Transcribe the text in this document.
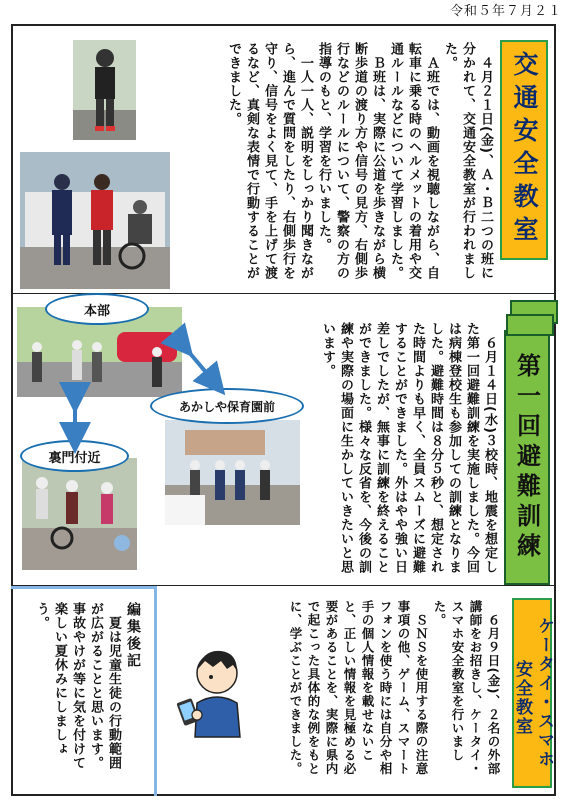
令和５年７月２１
交通安全教室
　４月２１日(金)、Ａ・Ｂ二つの班に分かれて、交通安全教室が行われました。
　Ａ班では、動画を視聴しながら、自転車に乗る時のヘルメットの着用や交通ルールなどについて学習しました。
　Ｂ班は、実際に公道を歩きながら横断歩道の渡り方や信号の見方、右側歩行などのルールについて、警察の方の指導のもと、学習を行いました。
　一人一人、説明をしっかり聞きながら、進んで質問をしたり、右側歩行を守り、信号をよく見て、手を上げて渡るなど、真剣な表情で行動することができました。
第一回避難訓練
　６月１４日(水)３校時、地震を想定した第一回避難訓練を実施しました。今回は病棟登校生も参加しての訓練となりました。避難時間は８分５秒と、想定された時間よりも早く、全員スムーズに避難することができました。外はやや強い日差しでしたが、無事に訓練を終えることができました。様々な反省を、今後の訓練や実際の場面に生かしていきたいと思います。
本部
あかしや保育園前
裏門付近
ケータイ・スマホ
安全教室
　６月９日(金)、２名の外部講師をお招きし、ケータイ・スマホ安全教室を行いました。
　ＳＮＳを使用する際の注意事項の他、ゲーム、スマートフォンを使う時には自分や相手の個人情報を載せないこと、正しい情報を見極める必要があることを、実際に県内で起こった具体的な例をもとに、学ぶことができました。
編集後記
　夏は児童生徒の行動範囲が広がることと思います。事故やけが等に気を付けて楽しい夏休みにしましょう。
